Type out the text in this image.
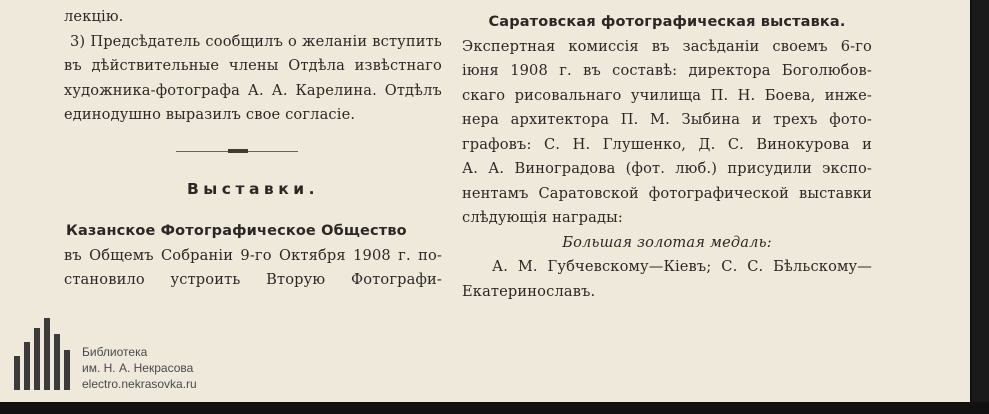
лекцію.
3) Предсѣдатель сообщилъ о желаніи вступить
въ дѣйствительные члены Отдѣла извѣстнаго
художника-фотографа А. А. Карелина. Отдѣлъ
единодушно выразилъ свое согласіе.
Выставки.
Казанское Фотографическое Общество
въ Общемъ Собраніи 9-го Октября 1908 г. по-
становило устроить Вторую Фотографи-
Саратовская фотографическая выставка.
Экспертная комиссія въ засѣданіи своемъ 6-го
іюня 1908 г. въ составѣ: директора Боголюбов-
скаго рисовальнаго училища П. Н. Боева, инже-
нера архитектора П. М. Зыбина и трехъ фото-
графовъ: С. Н. Глушенко, Д. С. Винокурова и
А. А. Виноградова (фот. люб.) присудили экспо-
нентамъ Саратовской фотографической выставки
слѣдующія награды:
Большая золотая медаль:
А. М. Губчевскому—Кіевъ; С. С. Бѣльскому—
Екатеринославъ.
Библиотека
им. Н. А. Некрасова
electro.nekrasovka.ru
